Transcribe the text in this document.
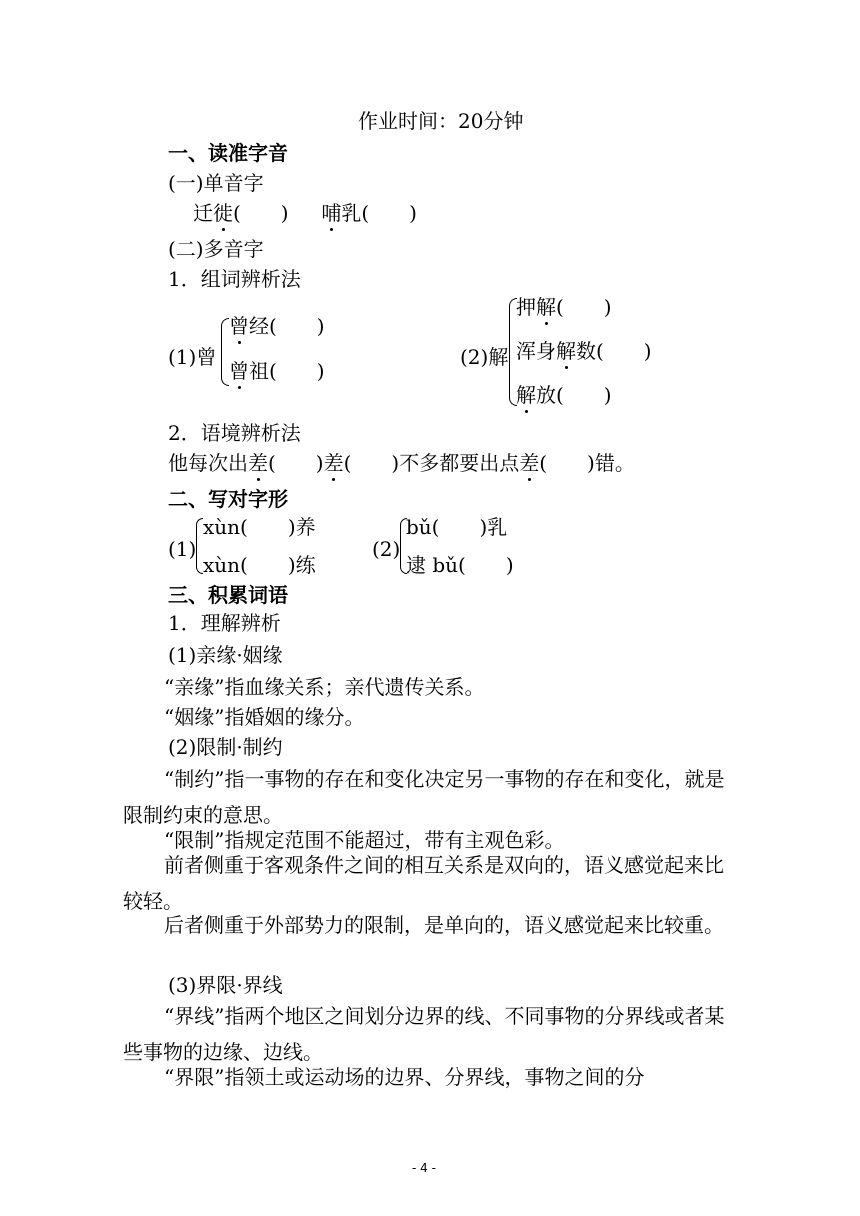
作业时间：20分钟
一、读准字音
(一)单音字
迁徙(　　) 哺乳(　　)
(二)多音字
1．组词辨析法
(1)曾
曾经(　　)
曾祖(　　)
(2)解
押解(　　)
浑身解数(　　)
解放(　　)
2．语境辨析法
他每次出差(　　)差(　　)不多都要出点差(　　)错。
二、写对字形
(1)
xùn(　　)养
xùn(　　)练
(2)
bǔ(　　)乳
逮 bǔ(　　)
三、积累词语
1．理解辨析
(1)亲缘·姻缘
“亲缘”指血缘关系；亲代遗传关系。
“姻缘”指婚姻的缘分。
(2)限制·制约
“制约”指一事物的存在和变化决定另一事物的存在和变化，就是限制约束的意思。
“限制”指规定范围不能超过，带有主观色彩。
前者侧重于客观条件之间的相互关系是双向的，语义感觉起来比较轻。
后者侧重于外部势力的限制，是单向的，语义感觉起来比较重。
(3)界限·界线
“界线”指两个地区之间划分边界的线、不同事物的分界线或者某些事物的边缘、边线。
“界限”指领土或运动场的边界、分界线，事物之间的分
- 4 -
